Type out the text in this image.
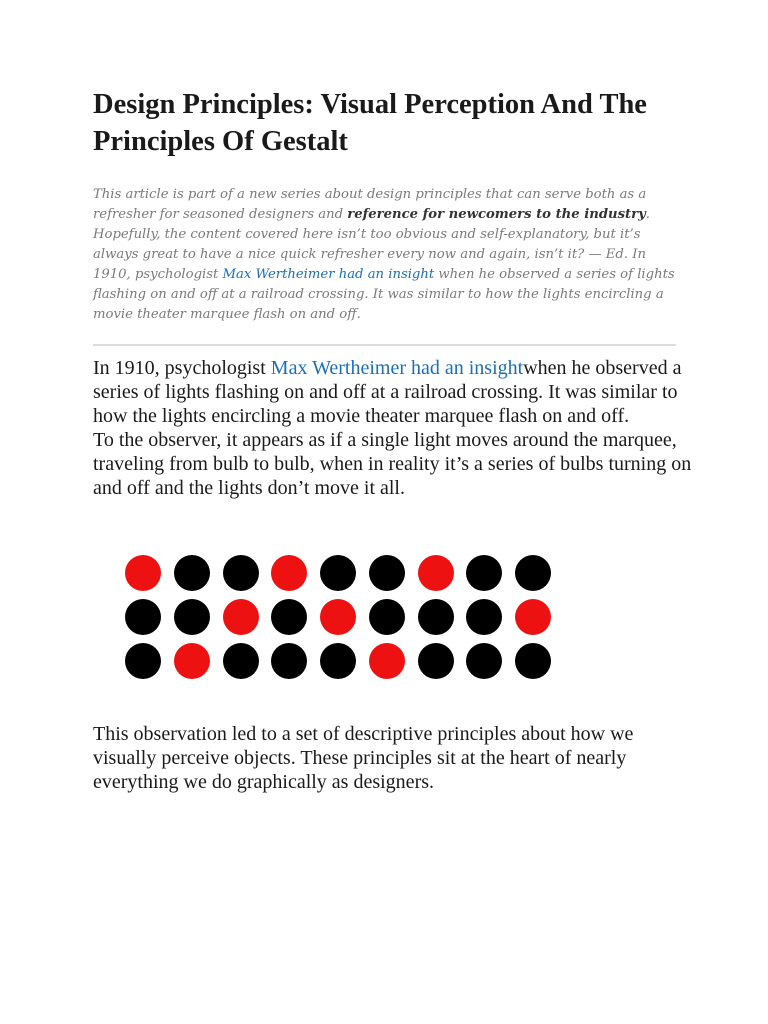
Design Principles: Visual Perception And The Principles Of Gestalt

This article is part of a new series about design principles that can serve both as a refresher for seasoned designers and reference for newcomers to the industry. Hopefully, the content covered here isn’t too obvious and self-explanatory, but it’s always great to have a nice quick refresher every now and again, isn’t it? — Ed. In 1910, psychologist Max Wertheimer had an insight when he observed a series of lights flashing on and off at a railroad crossing. It was similar to how the lights encircling a movie theater marquee flash on and off.

In 1910, psychologist Max Wertheimer had an insightwhen he observed a series of lights flashing on and off at a railroad crossing. It was similar to how the lights encircling a movie theater marquee flash on and off.
To the observer, it appears as if a single light moves around the marquee, traveling from bulb to bulb, when in reality it’s a series of bulbs turning on and off and the lights don’t move it all.

This observation led to a set of descriptive principles about how we visually perceive objects. These principles sit at the heart of nearly everything we do graphically as designers.
